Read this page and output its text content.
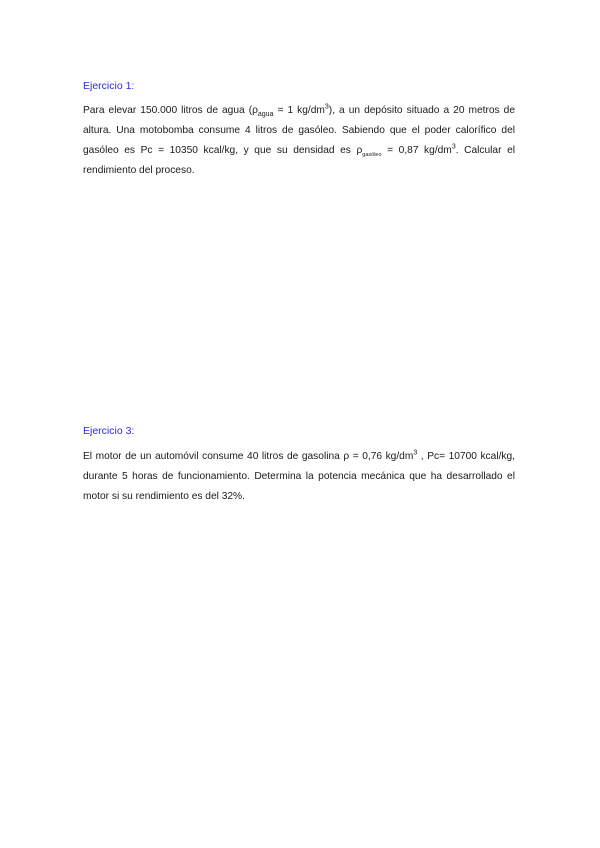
Ejercicio 1:

Para elevar 150.000 litros de agua ($\rho_{agua} = 1$ $kg/dm^3$), a un depósito situado a 20 metros de altura. Una motobomba consume 4 litros de gasóleo. Sabiendo que el poder calorífico del gasóleo es Pc = 10350 kcal/kg, y que su densidad es $\rho_{gasóleo} = 0,87$ $kg/dm^3$. Calcular el rendimiento del proceso.

Ejercicio 3:

El motor de un automóvil consume 40 litros de gasolina ρ = 0,76 $kg/dm^3$ , Pc= 10700 kcal/kg, durante 5 horas de funcionamiento. Determina la potencia mecánica que ha desarrollado el motor si su rendimiento es del 32%.
